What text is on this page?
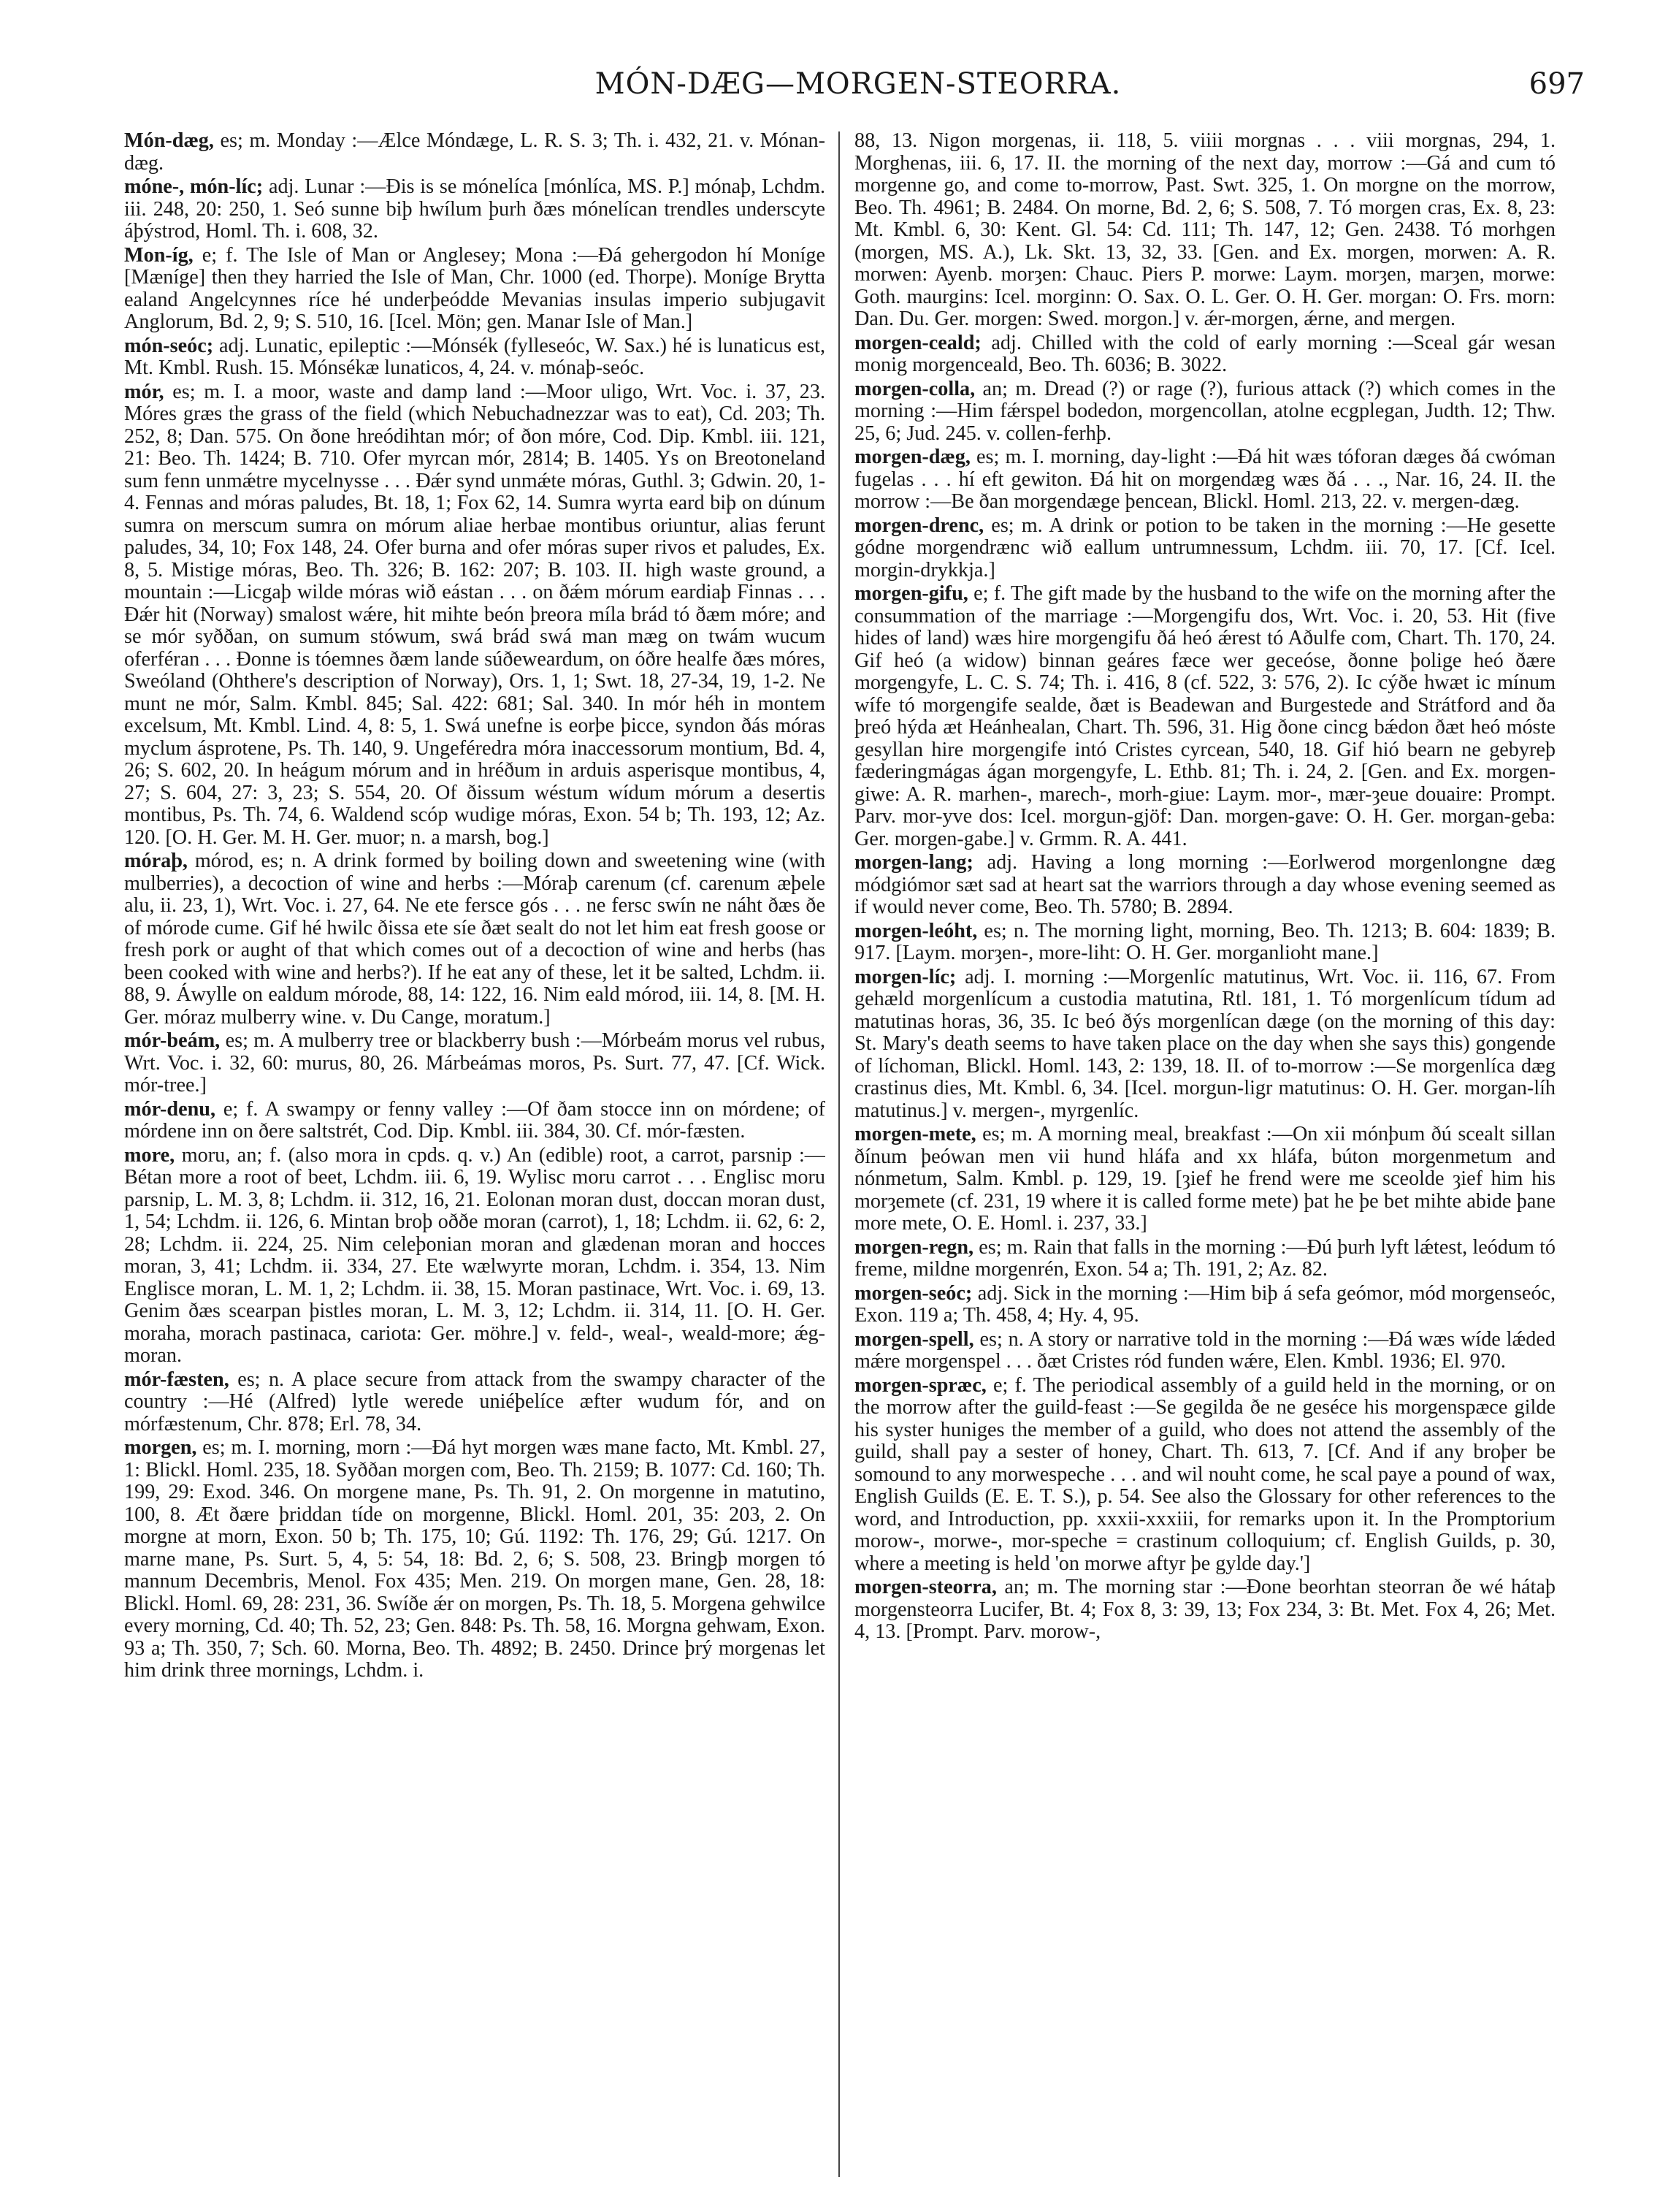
MÓN-DÆG—MORGEN-STEORRA.	697

Món-dæg, es; m. Monday :—Ælce Móndæge, L. R. S. 3; Th. i. 432, 21. v. Mónan-dæg.

móne-, món-líc; adj. Lunar :—Ðis is se mónelíca [mónlíca, MS. P.] mónaþ, Lchdm. iii. 248, 20: 250, 1. Seó sunne biþ hwílum þurh ðæs mónelícan trendles underscyte áþýstrod, Homl. Th. i. 608, 32.

Mon-íg, e; f. The Isle of Man or Anglesey; Mona :—Ðá gehergodon hí Moníge [Mæníge] then they harried the Isle of Man, Chr. 1000 (ed. Thorpe). Moníge Brytta ealand Angelcynnes ríce hé underþeódde Mevanias insulas imperio subjugavit Anglorum, Bd. 2, 9; S. 510, 16. [Icel. Mön; gen. Manar Isle of Man.]

món-seóc; adj. Lunatic, epileptic :—Mónsék (fylleseóc, W. Sax.) hé is lunaticus est, Mt. Kmbl. Rush. 15. Mónsékæ lunaticos, 4, 24. v. mónaþ-seóc.

mór, es; m. I. a moor, waste and damp land :—Moor uligo, Wrt. Voc. i. 37, 23. Móres græs the grass of the field (which Nebuchadnezzar was to eat), Cd. 203; Th. 252, 8; Dan. 575. On ðone hreódihtan mór; of ðon móre, Cod. Dip. Kmbl. iii. 121, 21: Beo. Th. 1424; B. 710. Ofer myrcan mór, 2814; B. 1405. Ys on Breotoneland sum fenn unmǽtre mycelnysse . . . Ðǽr synd unmǽte móras, Guthl. 3; Gdwin. 20, 1-4. Fennas and móras paludes, Bt. 18, 1; Fox 62, 14. Sumra wyrta eard biþ on dúnum sumra on merscum sumra on mórum aliae herbae montibus oriuntur, alias ferunt paludes, 34, 10; Fox 148, 24. Ofer burna and ofer móras super rivos et paludes, Ex. 8, 5. Mistige móras, Beo. Th. 326; B. 162: 207; B. 103. II. high waste ground, a mountain :—Licgaþ wilde móras wið eástan . . . on ðǽm mórum eardiaþ Finnas . . . Ðǽr hit (Norway) smalost wǽre, hit mihte beón þreora míla brád tó ðæm móre; and se mór syððan, on sumum stówum, swá brád swá man mæg on twám wucum oferféran . . . Ðonne is tóemnes ðæm lande súðeweardum, on óðre healfe ðæs móres, Sweóland (Ohthere's description of Norway), Ors. 1, 1; Swt. 18, 27-34, 19, 1-2. Ne munt ne mór, Salm. Kmbl. 845; Sal. 422: 681; Sal. 340. In mór héh in montem excelsum, Mt. Kmbl. Lind. 4, 8: 5, 1. Swá unefne is eorþe þicce, syndon ðás móras myclum ásprotene, Ps. Th. 140, 9. Ungeféredra móra inaccessorum montium, Bd. 4, 26; S. 602, 20. In heágum mórum and in hréðum in arduis asperisque montibus, 4, 27; S. 604, 27: 3, 23; S. 554, 20. Of ðissum wéstum wídum mórum a desertis montibus, Ps. Th. 74, 6. Waldend scóp wudige móras, Exon. 54 b; Th. 193, 12; Az. 120. [O. H. Ger. M. H. Ger. muor; n. a marsh, bog.]

móraþ, mórod, es; n. A drink formed by boiling down and sweetening wine (with mulberries), a decoction of wine and herbs :—Móraþ carenum (cf. carenum æþele alu, ii. 23, 1), Wrt. Voc. i. 27, 64. Ne ete fersce gós . . . ne fersc swín ne náht ðæs ðe of mórode cume. Gif hé hwilc ðissa ete síe ðæt sealt do not let him eat fresh goose or fresh pork or aught of that which comes out of a decoction of wine and herbs (has been cooked with wine and herbs?). If he eat any of these, let it be salted, Lchdm. ii. 88, 9. Áwylle on ealdum mórode, 88, 14: 122, 16. Nim eald mórod, iii. 14, 8. [M. H. Ger. móraz mulberry wine. v. Du Cange, moratum.]

mór-beám, es; m. A mulberry tree or blackberry bush :—Mórbeám morus vel rubus, Wrt. Voc. i. 32, 60: murus, 80, 26. Márbeámas moros, Ps. Surt. 77, 47. [Cf. Wick. mór-tree.]

mór-denu, e; f. A swampy or fenny valley :—Of ðam stocce inn on mórdene; of mórdene inn on ðere saltstrét, Cod. Dip. Kmbl. iii. 384, 30. Cf. mór-fæsten.

more, moru, an; f. (also mora in cpds. q. v.) An (edible) root, a carrot, parsnip :—Bétan more a root of beet, Lchdm. iii. 6, 19. Wylisc moru carrot . . . Englisc moru parsnip, L. M. 3, 8; Lchdm. ii. 312, 16, 21. Eolonan moran dust, doccan moran dust, 1, 54; Lchdm. ii. 126, 6. Mintan broþ oððe moran (carrot), 1, 18; Lchdm. ii. 62, 6: 2, 28; Lchdm. ii. 224, 25. Nim celeþonian moran and glædenan moran and hocces moran, 3, 41; Lchdm. ii. 334, 27. Ete wælwyrte moran, Lchdm. i. 354, 13. Nim Englisce moran, L. M. 1, 2; Lchdm. ii. 38, 15. Moran pastinace, Wrt. Voc. i. 69, 13. Genim ðæs scearpan þistles moran, L. M. 3, 12; Lchdm. ii. 314, 11. [O. H. Ger. moraha, morach pastinaca, cariota: Ger. möhre.] v. feld-, weal-, weald-more; ǽg-moran.

mór-fæsten, es; n. A place secure from attack from the swampy character of the country :—Hé (Alfred) lytle werede uniéþelíce æfter wudum fór, and on mórfæstenum, Chr. 878; Erl. 78, 34.

morgen, es; m. I. morning, morn :—Ðá hyt morgen wæs mane facto, Mt. Kmbl. 27, 1: Blickl. Homl. 235, 18. Syððan morgen com, Beo. Th. 2159; B. 1077: Cd. 160; Th. 199, 29: Exod. 346. On morgene mane, Ps. Th. 91, 2. On morgenne in matutino, 100, 8. Æt ðære þriddan tíde on morgenne, Blickl. Homl. 201, 35: 203, 2. On morgne at morn, Exon. 50 b; Th. 175, 10; Gú. 1192: Th. 176, 29; Gú. 1217. On marne mane, Ps. Surt. 5, 4, 5: 54, 18: Bd. 2, 6; S. 508, 23. Bringþ morgen tó mannum Decembris, Menol. Fox 435; Men. 219. On morgen mane, Gen. 28, 18: Blickl. Homl. 69, 28: 231, 36. Swíðe ǽr on morgen, Ps. Th. 18, 5. Morgena gehwilce every morning, Cd. 40; Th. 52, 23; Gen. 848: Ps. Th. 58, 16. Morgna gehwam, Exon. 93 a; Th. 350, 7; Sch. 60. Morna, Beo. Th. 4892; B. 2450. Drince þrý morgenas let him drink three mornings, Lchdm. i.

88, 13. Nigon morgenas, ii. 118, 5. viiii morgnas . . . viii morgnas, 294, 1. Morghenas, iii. 6, 17. II. the morning of the next day, morrow :—Gá and cum tó morgenne go, and come to-morrow, Past. Swt. 325, 1. On morgne on the morrow, Beo. Th. 4961; B. 2484. On morne, Bd. 2, 6; S. 508, 7. Tó morgen cras, Ex. 8, 23: Mt. Kmbl. 6, 30: Kent. Gl. 54: Cd. 111; Th. 147, 12; Gen. 2438. Tó morhgen (morgen, MS. A.), Lk. Skt. 13, 32, 33. [Gen. and Ex. morgen, morwen: A. R. morwen: Ayenb. morȝen: Chauc. Piers P. morwe: Laym. morȝen, marȝen, morwe: Goth. maurgins: Icel. morginn: O. Sax. O. L. Ger. O. H. Ger. morgan: O. Frs. morn: Dan. Du. Ger. morgen: Swed. morgon.] v. ǽr-morgen, ǽrne, and mergen.

morgen-ceald; adj. Chilled with the cold of early morning :—Sceal gár wesan monig morgenceald, Beo. Th. 6036; B. 3022.

morgen-colla, an; m. Dread (?) or rage (?), furious attack (?) which comes in the morning :—Him fǽrspel bodedon, morgencollan, atolne ecgplegan, Judth. 12; Thw. 25, 6; Jud. 245. v. collen-ferhþ.

morgen-dæg, es; m. I. morning, day-light :—Ðá hit wæs tóforan dæges ðá cwóman fugelas . . . hí eft gewiton. Ðá hit on morgendæg wæs ðá . . ., Nar. 16, 24. II. the morrow :—Be ðan morgendæge þencean, Blickl. Homl. 213, 22. v. mergen-dæg.

morgen-drenc, es; m. A drink or potion to be taken in the morning :—He gesette gódne morgendrænc wið eallum untrumnessum, Lchdm. iii. 70, 17. [Cf. Icel. morgin-drykkja.]

morgen-gifu, e; f. The gift made by the husband to the wife on the morning after the consummation of the marriage :—Morgengifu dos, Wrt. Voc. i. 20, 53. Hit (five hides of land) wæs hire morgengifu ðá heó ǽrest tó Aðulfe com, Chart. Th. 170, 24. Gif heó (a widow) binnan geáres fæce wer geceóse, ðonne þolige heó ðære morgengyfe, L. C. S. 74; Th. i. 416, 8 (cf. 522, 3: 576, 2). Ic cýðe hwæt ic mínum wífe tó morgengife sealde, ðæt is Beadewan and Burgestede and Strátford and ða þreó hýda æt Heánhealan, Chart. Th. 596, 31. Hig ðone cincg bǽdon ðæt heó móste gesyllan hire morgengife intó Cristes cyrcean, 540, 18. Gif hió bearn ne gebyreþ fæderingmágas ágan morgengyfe, L. Ethb. 81; Th. i. 24, 2. [Gen. and Ex. morgen-giwe: A. R. marhen-, marech-, morh-giue: Laym. mor-, mær-ȝeue douaire: Prompt. Parv. mor-yve dos: Icel. morgun-gjöf: Dan. morgen-gave: O. H. Ger. morgan-geba: Ger. morgen-gabe.] v. Grmm. R. A. 441.

morgen-lang; adj. Having a long morning :—Eorlwerod morgenlongne dæg módgiómor sæt sad at heart sat the warriors through a day whose evening seemed as if would never come, Beo. Th. 5780; B. 2894.

morgen-leóht, es; n. The morning light, morning, Beo. Th. 1213; B. 604: 1839; B. 917. [Laym. morȝen-, more-liht: O. H. Ger. morganlioht mane.]

morgen-líc; adj. I. morning :—Morgenlíc matutinus, Wrt. Voc. ii. 116, 67. From gehæld morgenlícum a custodia matutina, Rtl. 181, 1. Tó morgenlícum tídum ad matutinas horas, 36, 35. Ic beó ðýs morgenlícan dæge (on the morning of this day: St. Mary's death seems to have taken place on the day when she says this) gongende of líchoman, Blickl. Homl. 143, 2: 139, 18. II. of to-morrow :—Se morgenlíca dæg crastinus dies, Mt. Kmbl. 6, 34. [Icel. morgun-ligr matutinus: O. H. Ger. morgan-líh matutinus.] v. mergen-, myrgenlíc.

morgen-mete, es; m. A morning meal, breakfast :—On xii mónþum ðú scealt sillan ðínum þeówan men vii hund hláfa and xx hláfa, búton morgenmetum and nónmetum, Salm. Kmbl. p. 129, 19. [ȝief he frend were me sceolde ȝief him his morȝemete (cf. 231, 19 where it is called forme mete) þat he þe bet mihte abide þane more mete, O. E. Homl. i. 237, 33.]

morgen-regn, es; m. Rain that falls in the morning :—Ðú þurh lyft lǽtest, leódum tó freme, mildne morgenrén, Exon. 54 a; Th. 191, 2; Az. 82.

morgen-seóc; adj. Sick in the morning :—Him biþ á sefa geómor, mód morgenseóc, Exon. 119 a; Th. 458, 4; Hy. 4, 95.

morgen-spell, es; n. A story or narrative told in the morning :—Ðá wæs wíde lǽded mǽre morgenspel . . . ðæt Cristes ród funden wǽre, Elen. Kmbl. 1936; El. 970.

morgen-spræc, e; f. The periodical assembly of a guild held in the morning, or on the morrow after the guild-feast :—Se gegilda ðe ne geséce his morgenspæce gilde his syster huniges the member of a guild, who does not attend the assembly of the guild, shall pay a sester of honey, Chart. Th. 613, 7. [Cf. And if any broþer be somound to any morwespeche . . . and wil nouht come, he scal paye a pound of wax, English Guilds (E. E. T. S.), p. 54. See also the Glossary for other references to the word, and Introduction, pp. xxxii-xxxiii, for remarks upon it. In the Promptorium morow-, morwe-, mor-speche = crastinum colloquium; cf. English Guilds, p. 30, where a meeting is held 'on morwe aftyr þe gylde day.']

morgen-steorra, an; m. The morning star :—Ðone beorhtan steorran ðe wé hátaþ morgensteorra Lucifer, Bt. 4; Fox 8, 3: 39, 13; Fox 234, 3: Bt. Met. Fox 4, 26; Met. 4, 13. [Prompt. Parv. morow-,
